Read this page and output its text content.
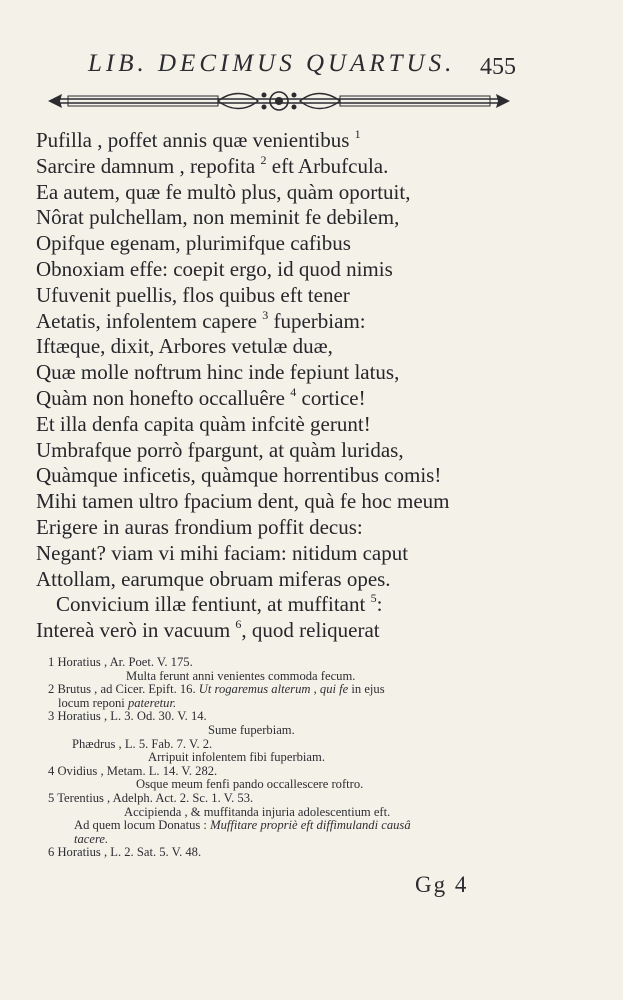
LIB. DECIMUS QUARTUS.	455
Pufilla , poffet annis quæ venientibus $^1$
Sarcire damnum , repofita $^2$ eft Arbufcula.
Ea autem, quæ fe multò plus, quàm oportuit,
Nôrat pulchellam, non meminit fe debilem,
Opifque egenam, plurimifque cafibus
Obnoxiam effe: coepit ergo, id quod nimis
Ufuvenit puellis, flos quibus eft tener
Aetatis, infolentem capere $^3$ fuperbiam:
Iftæque, dixit, Arbores vetulæ duæ,
Quæ molle noftrum hinc inde fepiunt latus,
Quàm non honefto occalluêre $^4$ cortice!
Et illa denfa capita quàm infcitè gerunt!
Umbrafque porrò fpargunt, at quàm luridas,
Quàmque inficetis, quàmque horrentibus comis!
Mihi tamen ultro fpacium dent, quà fe hoc meum
Erigere in auras frondium poffit decus:
Negant? viam vi mihi faciam: nitidum caput
Attollam, earumque obruam miferas opes.
Convicium illæ fentiunt, at muffitant $^5$:
Intereà verò in vacuum $^6$, quod reliquerat
1 Horatius , Ar. Poet. V. 175.
Multa ferunt anni venientes commoda fecum.
2 Brutus , ad Cicer. Epift. 16. Ut rogaremus alterum , qui fe in ejus
locum reponi pateretur.
3 Horatius , L. 3. Od. 30. V. 14.
Sume fuperbiam.
Phædrus , L. 5. Fab. 7. V. 2.
Arripuit infolentem fibi fuperbiam.
4 Ovidius , Metam. L. 14. V. 282.
Osque meum fenfi pando occallescere roftro.
5 Terentius , Adelph. Act. 2. Sc. 1. V. 53.
Accipienda , & muffitanda injuria adolescentium eft.
Ad quem locum Donatus : Muffitare propriè eft diffimulandi causâ
tacere.
6 Horatius , L. 2. Sat. 5. V. 48.
Gg 4
